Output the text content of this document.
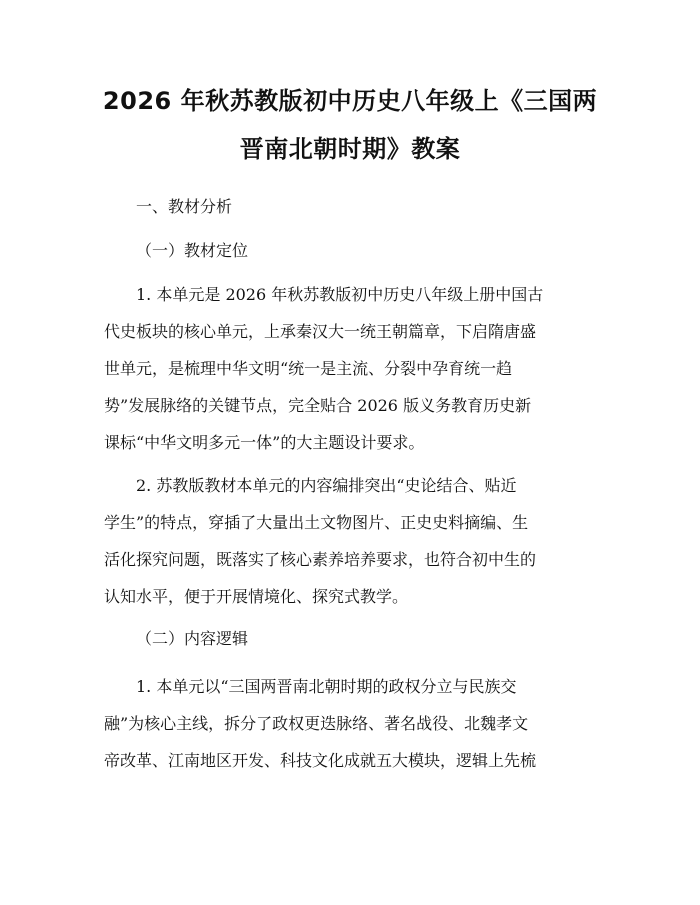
2026 年秋苏教版初中历史八年级上《三国两
晋南北朝时期》教案
一、教材分析
（一）教材定位
1. 本单元是 2026 年秋苏教版初中历史八年级上册中国古
代史板块的核心单元，上承秦汉大一统王朝篇章，下启隋唐盛
世单元，是梳理中华文明“统一是主流、分裂中孕育统一趋
势”发展脉络的关键节点，完全贴合 2026 版义务教育历史新
课标“中华文明多元一体”的大主题设计要求。
2. 苏教版教材本单元的内容编排突出“史论结合、贴近
学生”的特点，穿插了大量出土文物图片、正史史料摘编、生
活化探究问题，既落实了核心素养培养要求，也符合初中生的
认知水平，便于开展情境化、探究式教学。
（二）内容逻辑
1. 本单元以“三国两晋南北朝时期的政权分立与民族交
融”为核心主线，拆分了政权更迭脉络、著名战役、北魏孝文
帝改革、江南地区开发、科技文化成就五大模块，逻辑上先梳
